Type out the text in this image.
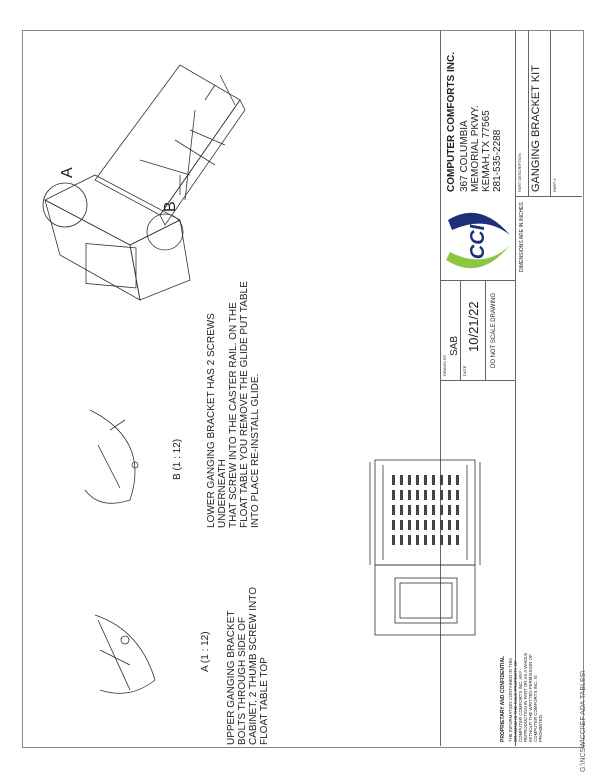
COMPUTER COMFORTS INC. 367 COLUMBIA MEMORIAL PKWY. KEMAH,TX 77565 281-535-2288	PART DESCRIPTION GANGING BRACKET KIT	PART #
CCI	DIMENSIONS ARE IN INCHES
DRAWN BY
SAB
DATE
10/21/22 DO NOT SCALE DRAWING
PROPRIETARY AND CONFIDENTIAL THE INFORMATION CONTAINED IN THIS DRAWING IS THE SOLE PROPERTY OF COMPUTER COMFORTS INC. ANY REPRODUCTION IN PART OR AS A WHOLE WITHOUT THE WRITTEN PERMISSION OF COMPUTER COMFORTS INC. IS PROHIBITED.	G:\NCSW\CCI\EF ADA TABLES\
A (1 : 12) UPPER GANGING BRACKET BOLTS THROUGH SIDE OF CABINET, 2 THUMB SCREW INTO FLOAT TABLE TOP
B (1 : 12) LOWER GANGING BRACKET HAS 2 SCREWS UNDERNEATH THAT SCREW INTO THE CASTER RAIL. ON THE FLOAT TABLE YOU REMOVE THE GLIDE PUT TABLE INTO PLACE RE-INSTALL GLIDE.
A
B
